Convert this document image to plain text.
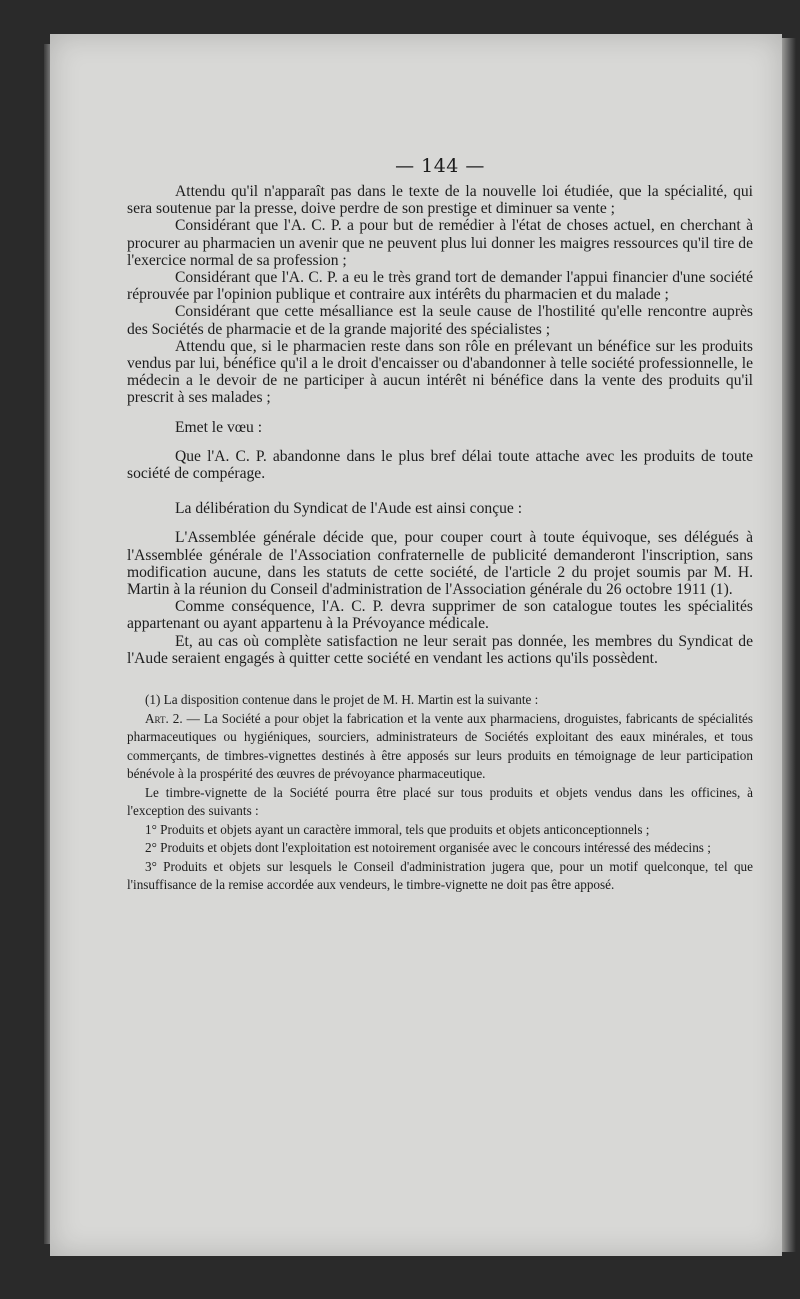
— 144 —

Attendu qu'il n'apparaît pas dans le texte de la nouvelle loi étudiée, que la spécialité, qui sera soutenue par la presse, doive perdre de son prestige et diminuer sa vente ;

Considérant que l'A. C. P. a pour but de remédier à l'état de choses actuel, en cherchant à procurer au pharmacien un avenir que ne peuvent plus lui donner les maigres ressources qu'il tire de l'exercice normal de sa profession ;

Considérant que l'A. C. P. a eu le très grand tort de demander l'appui financier d'une société réprouvée par l'opinion publique et contraire aux intérêts du pharmacien et du malade ;

Considérant que cette mésalliance est la seule cause de l'hostilité qu'elle rencontre auprès des Sociétés de pharmacie et de la grande majorité des spécialistes ;

Attendu que, si le pharmacien reste dans son rôle en prélevant un bénéfice sur les produits vendus par lui, bénéfice qu'il a le droit d'encaisser ou d'abandonner à telle société professionnelle, le médecin a le devoir de ne participer à aucun intérêt ni bénéfice dans la vente des produits qu'il prescrit à ses malades ;

Emet le vœu :

Que l'A. C. P. abandonne dans le plus bref délai toute attache avec les produits de toute société de compérage.

La délibération du Syndicat de l'Aude est ainsi conçue :

L'Assemblée générale décide que, pour couper court à toute équivoque, ses délégués à l'Assemblée générale de l'Association confraternelle de publicité demanderont l'inscription, sans modification aucune, dans les statuts de cette société, de l'article 2 du projet soumis par M. H. Martin à la réunion du Conseil d'administration de l'Association générale du 26 octobre 1911 (1).

Comme conséquence, l'A. C. P. devra supprimer de son catalogue toutes les spécialités appartenant ou ayant appartenu à la Prévoyance médicale.

Et, au cas où complète satisfaction ne leur serait pas donnée, les membres du Syndicat de l'Aude seraient engagés à quitter cette société en vendant les actions qu'ils possèdent.

(1) La disposition contenue dans le projet de M. H. Martin est la suivante :

Art. 2. — La Société a pour objet la fabrication et la vente aux pharmaciens, droguistes, fabricants de spécialités pharmaceutiques ou hygiéniques, sourciers, administrateurs de Sociétés exploitant des eaux minérales, et tous commerçants, de timbres-vignettes destinés à être apposés sur leurs produits en témoignage de leur participation bénévole à la prospérité des œuvres de prévoyance pharmaceutique.

Le timbre-vignette de la Société pourra être placé sur tous produits et objets vendus dans les officines, à l'exception des suivants :

1° Produits et objets ayant un caractère immoral, tels que produits et objets anticonceptionnels ;

2° Produits et objets dont l'exploitation est notoirement organisée avec le concours intéressé des médecins ;

3° Produits et objets sur lesquels le Conseil d'administration jugera que, pour un motif quelconque, tel que l'insuffisance de la remise accordée aux vendeurs, le timbre-vignette ne doit pas être apposé.
